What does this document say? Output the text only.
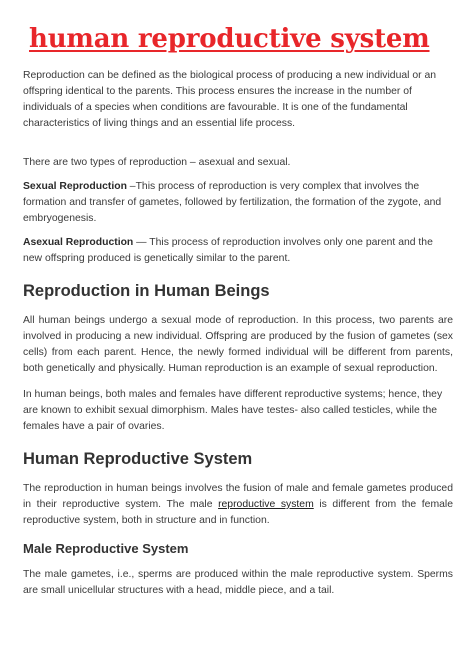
human reproductive system

Reproduction can be defined as the biological process of producing a new individual or an offspring identical to the parents. This process ensures the increase in the number of individuals of a species when conditions are favourable. It is one of the fundamental characteristics of living things and an essential life process.

There are two types of reproduction – asexual and sexual.

Sexual Reproduction –This process of reproduction is very complex that involves the formation and transfer of gametes, followed by fertilization, the formation of the zygote, and embryogenesis.

Asexual Reproduction — This process of reproduction involves only one parent and the new offspring produced is genetically similar to the parent.

Reproduction in Human Beings

All human beings undergo a sexual mode of reproduction. In this process, two parents are involved in producing a new individual. Offspring are produced by the fusion of gametes (sex cells) from each parent. Hence, the newly formed individual will be different from parents, both genetically and physically. Human reproduction is an example of sexual reproduction.

In human beings, both males and females have different reproductive systems; hence, they are known to exhibit sexual dimorphism. Males have testes- also called testicles, while the females have a pair of ovaries.

Human Reproductive System

The reproduction in human beings involves the fusion of male and female gametes produced in their reproductive system. The male reproductive system is different from the female reproductive system, both in structure and in function.

Male Reproductive System

The male gametes, i.e., sperms are produced within the male reproductive system. Sperms are small unicellular structures with a head, middle piece, and a tail.
